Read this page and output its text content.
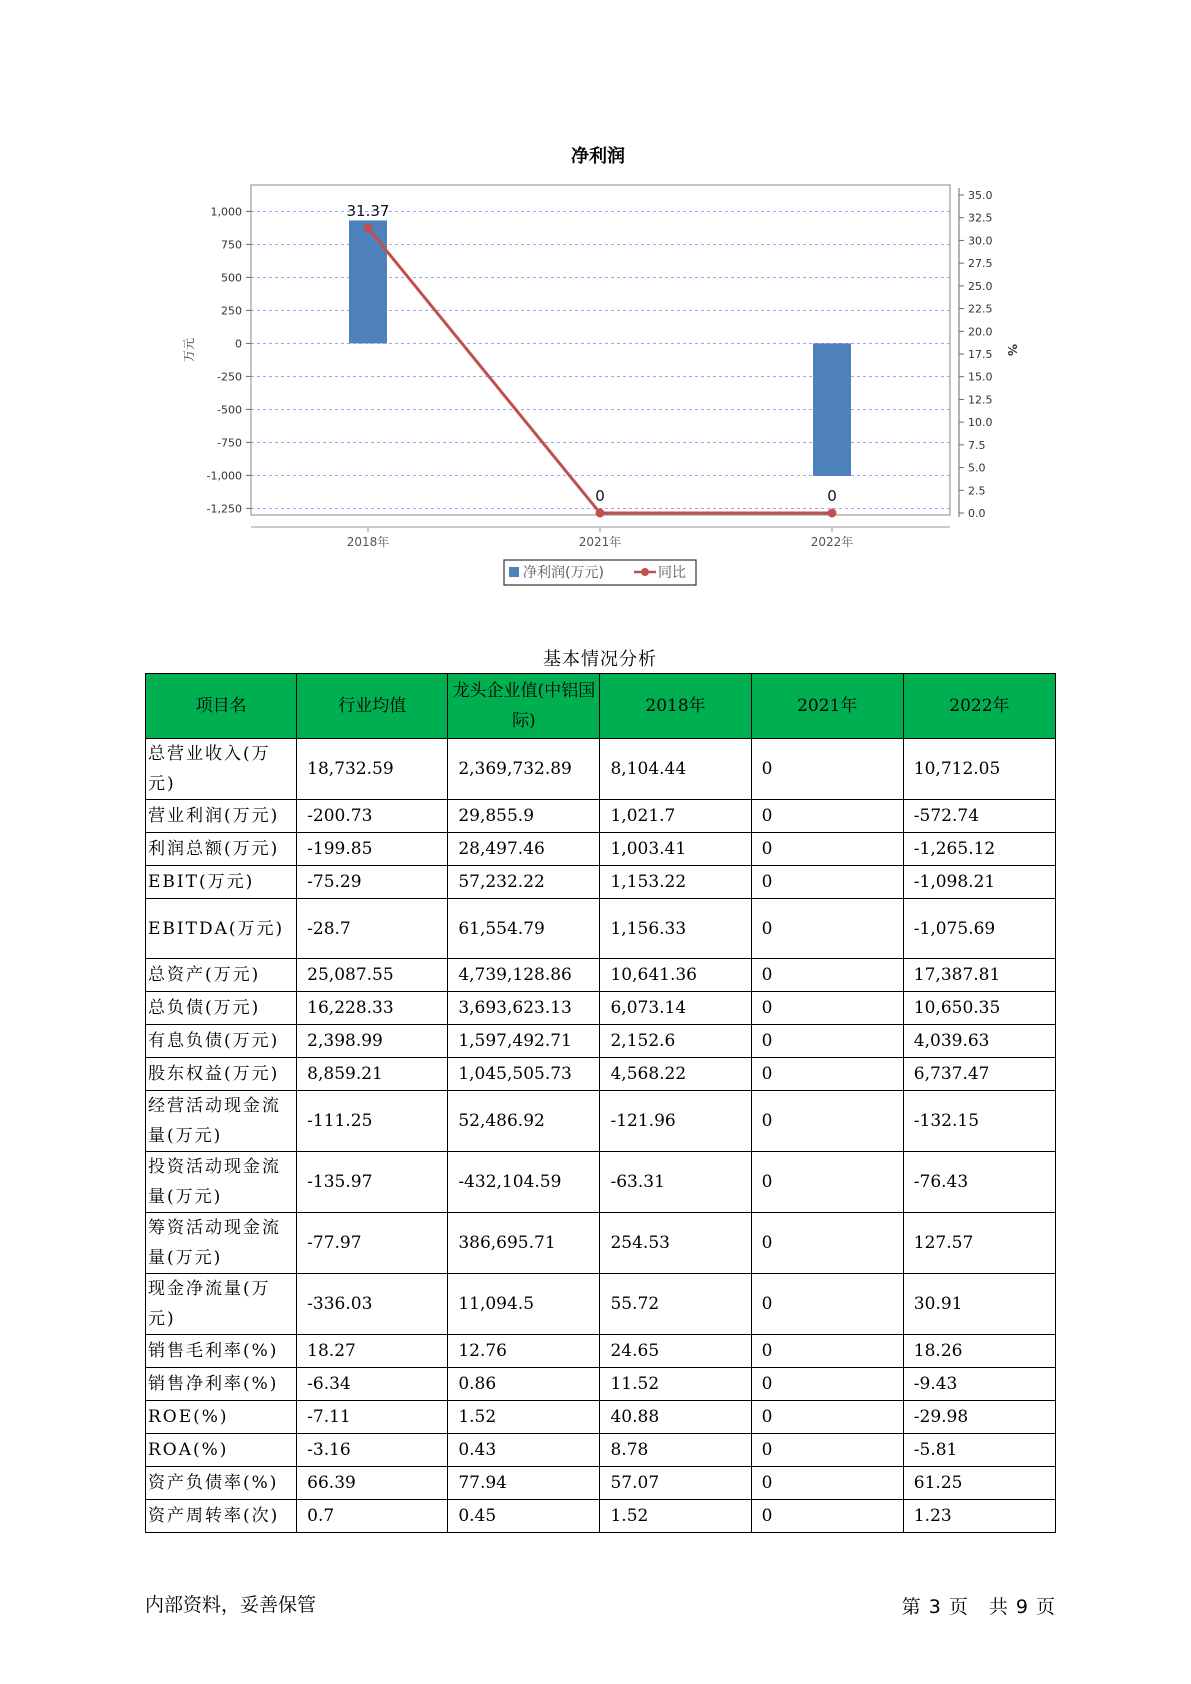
净利润
1,000
750
500
250
0
-250
-500
-750
-1,000
-1,250
万元
35.0
32.5
30.0
27.5
25.0
22.5
20.0
17.5
15.0
12.5
10.0
7.5
5.0
2.5
0.0
%
2018年	2021年	2022年
31.37
0	0
净利润(万元)	同比
基本情况分析
项目名	行业均值	龙头企业值(中铝国际)	2018年	2021年	2022年
总营业收入(万元)	18,732.59	2,369,732.89	8,104.44	0	10,712.05
营业利润(万元)	-200.73	29,855.9	1,021.7	0	-572.74
利润总额(万元)	-199.85	28,497.46	1,003.41	0	-1,265.12
EBIT(万元)	-75.29	57,232.22	1,153.22	0	-1,098.21
EBITDA(万元)	-28.7	61,554.79	1,156.33	0	-1,075.69
总资产(万元)	25,087.55	4,739,128.86	10,641.36	0	17,387.81
总负债(万元)	16,228.33	3,693,623.13	6,073.14	0	10,650.35
有息负债(万元)	2,398.99	1,597,492.71	2,152.6	0	4,039.63
股东权益(万元)	8,859.21	1,045,505.73	4,568.22	0	6,737.47
经营活动现金流量(万元)	-111.25	52,486.92	-121.96	0	-132.15
投资活动现金流量(万元)	-135.97	-432,104.59	-63.31	0	-76.43
筹资活动现金流量(万元)	-77.97	386,695.71	254.53	0	127.57
现金净流量(万元)	-336.03	11,094.5	55.72	0	30.91
销售毛利率(%)	18.27	12.76	24.65	0	18.26
销售净利率(%)	-6.34	0.86	11.52	0	-9.43
ROE(%)	-7.11	1.52	40.88	0	-29.98
ROA(%)	-3.16	0.43	8.78	0	-5.81
资产负债率(%)	66.39	77.94	57.07	0	61.25
资产周转率(次)	0.7	0.45	1.52	0	1.23
内部资料，妥善保管	第 3 页　共 9 页
